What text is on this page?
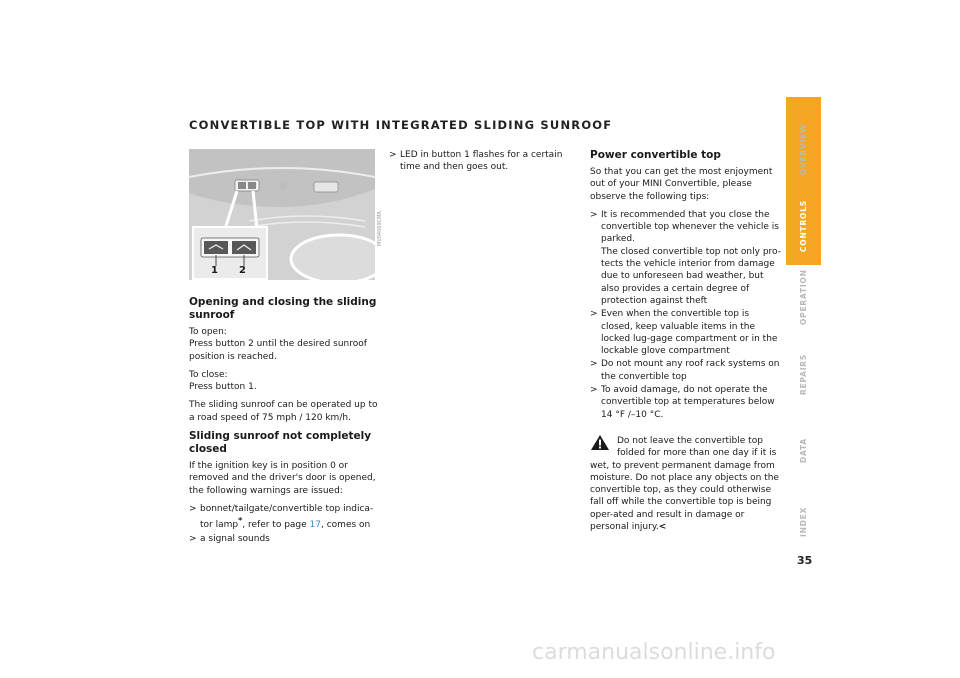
CONVERTIBLE TOP WITH INTEGRATED SLIDING SUNROOF
1 2
MV04069CMA
Opening and closing the sliding sunroof

To open:
Press button 2 until the desired sunroof position is reached.

To close:
Press button 1.

The sliding sunroof can be operated up to a road speed of 75 mph / 120 km/h.

Sliding sunroof not completely closed

If the ignition key is in position 0 or removed and the driver's door is opened, the following warnings are issued:

> bonnet/tailgate/convertible top indica-tor lamp*, refer to page 17, comes on
> a signal sounds
> LED in button 1 flashes for a certain time and then goes out.
Power convertible top

So that you can get the most enjoyment out of your MINI Convertible, please observe the following tips:

> It is recommended that you close the convertible top whenever the vehicle is parked.
The closed convertible top not only pro-tects the vehicle interior from damage due to unforeseen bad weather, but also provides a certain degree of protection against theft
> Even when the convertible top is closed, keep valuable items in the locked lug-gage compartment or in the lockable glove compartment
> Do not mount any roof rack systems on the convertible top
> To avoid damage, do not operate the convertible top at temperatures below 14 °F /–10 °C.
Do not leave the convertible top folded for more than one day if it is
wet, to prevent permanent damage from moisture. Do not place any objects on the convertible top, as they could otherwise fall off while the convertible top is being oper-ated and result in damage or personal injury.<
OVERVIEW
CONTROLS
OPERATION
REPAIRS
DATA
INDEX
35
carmanualsonline.info
